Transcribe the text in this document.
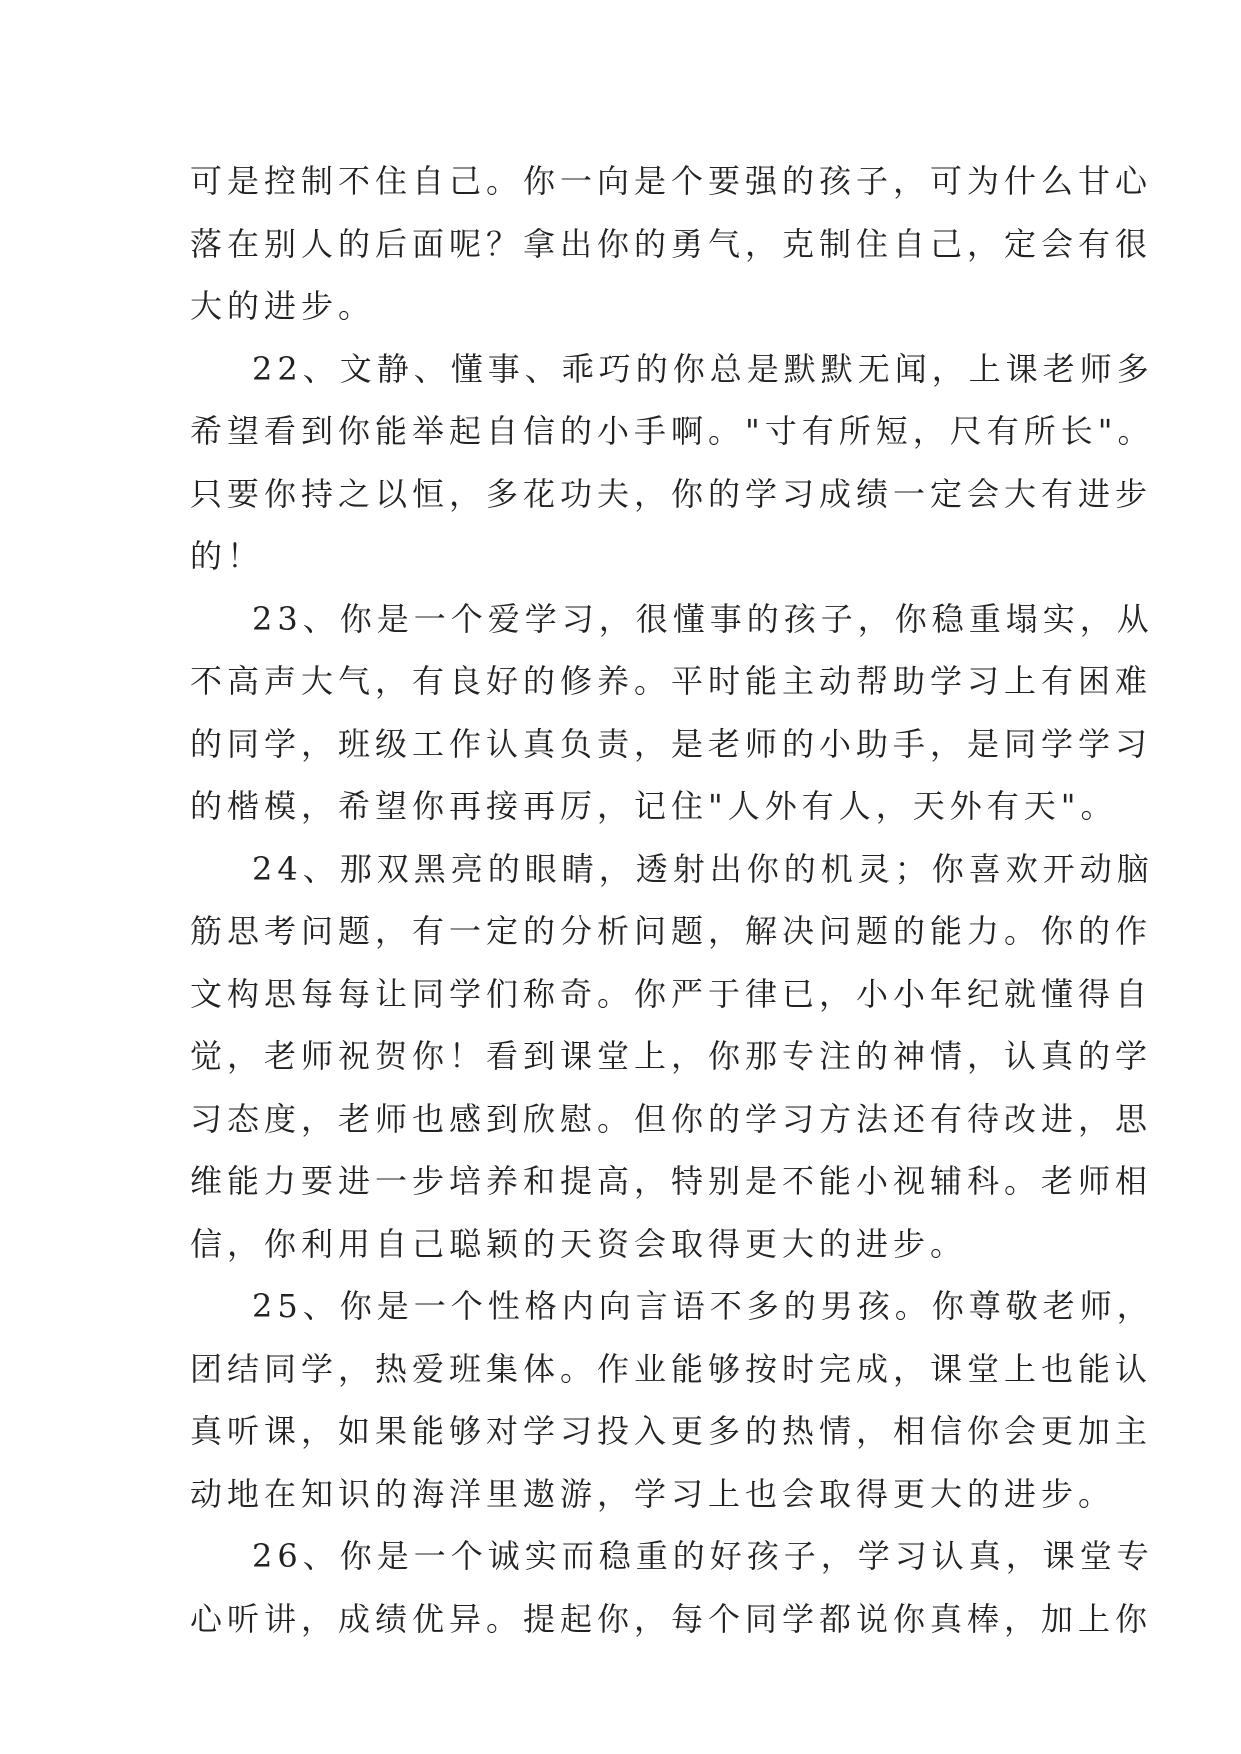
可是控制不住自己。你一向是个要强的孩子，可为什么甘心
落在别人的后面呢？拿出你的勇气，克制住自己，定会有很
大的进步。
22、文静、懂事、乖巧的你总是默默无闻，上课老师多
希望看到你能举起自信的小手啊。"寸有所短，尺有所长"。
只要你持之以恒，多花功夫，你的学习成绩一定会大有进步
的！
23、你是一个爱学习，很懂事的孩子，你稳重塌实，从
不高声大气，有良好的修养。平时能主动帮助学习上有困难
的同学，班级工作认真负责，是老师的小助手，是同学学习
的楷模，希望你再接再厉，记住"人外有人，天外有天"。
24、那双黑亮的眼睛，透射出你的机灵；你喜欢开动脑
筋思考问题，有一定的分析问题，解决问题的能力。你的作
文构思每每让同学们称奇。你严于律已，小小年纪就懂得自
觉，老师祝贺你！看到课堂上，你那专注的神情，认真的学
习态度，老师也感到欣慰。但你的学习方法还有待改进，思
维能力要进一步培养和提高，特别是不能小视辅科。老师相
信，你利用自己聪颖的天资会取得更大的进步。
25、你是一个性格内向言语不多的男孩。你尊敬老师，
团结同学，热爱班集体。作业能够按时完成，课堂上也能认
真听课，如果能够对学习投入更多的热情，相信你会更加主
动地在知识的海洋里遨游，学习上也会取得更大的进步。
26、你是一个诚实而稳重的好孩子，学习认真，课堂专
心听讲，成绩优异。提起你，每个同学都说你真棒，加上你
